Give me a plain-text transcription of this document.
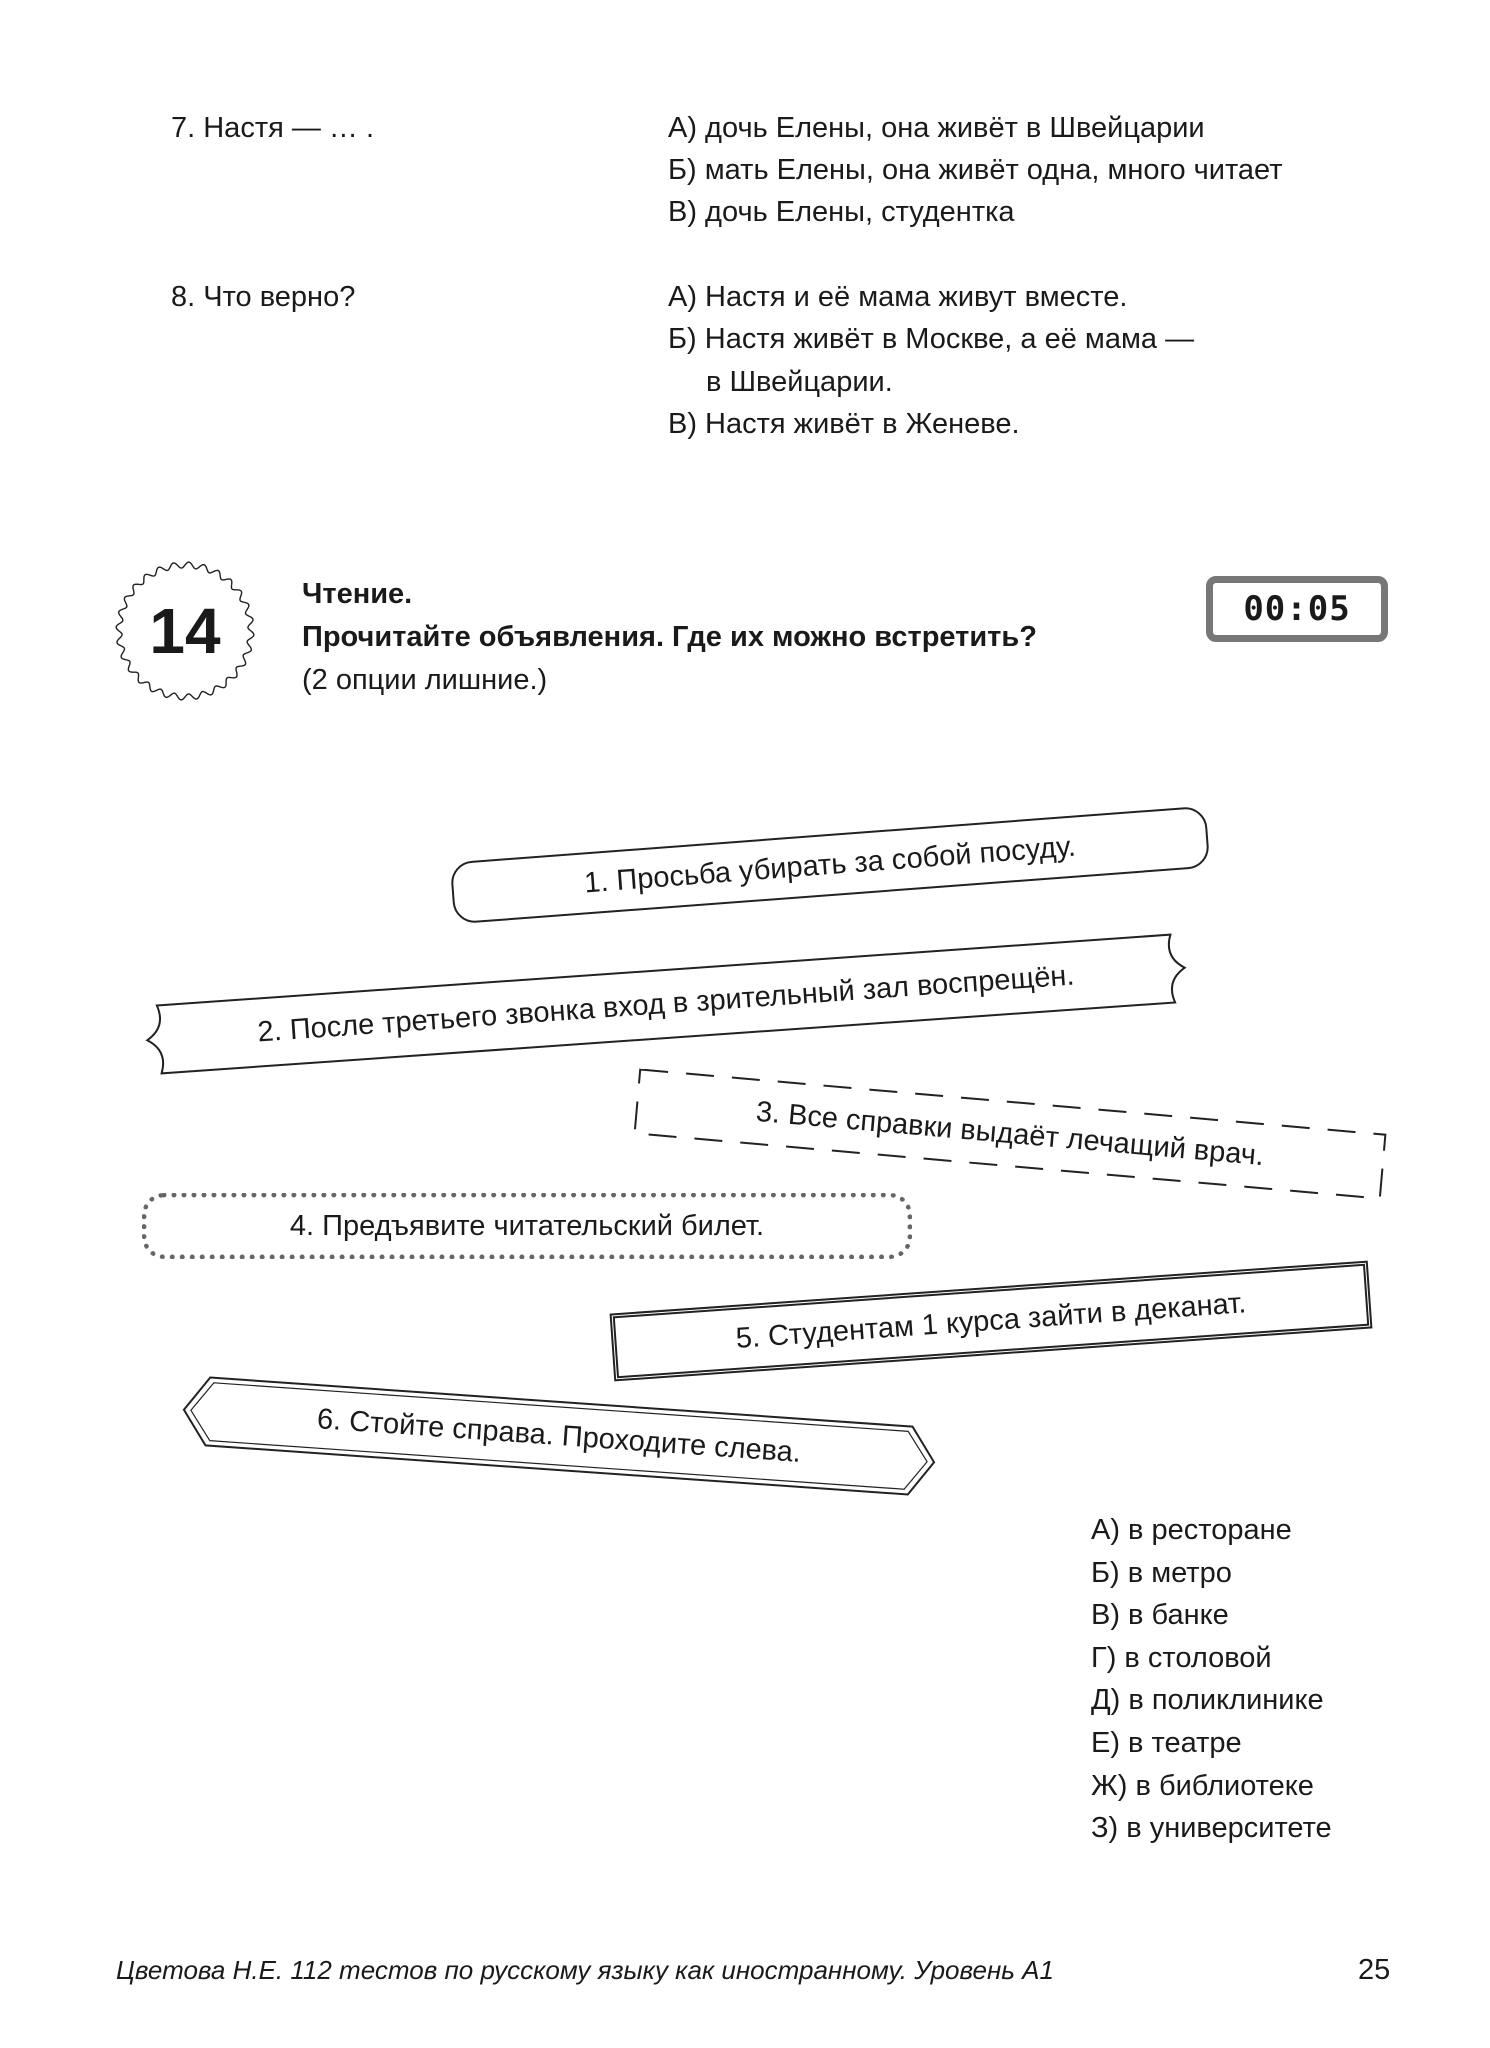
7. Настя — … .	А) дочь Елены, она живёт в Швейцарии
Б) мать Елены, она живёт одна, много читает
В) дочь Елены, студентка
8. Что верно?	А) Настя и её мама живут вместе.
Б) Настя живёт в Москве, а её мама —
в Швейцарии.
В) Настя живёт в Женеве.
14
Чтение.
Прочитайте объявления. Где их можно встретить?
(2 опции лишние.)
00:05
1. Просьба убирать за собой посуду.
2. После третьего звонка вход в зрительный зал воспрещён.
3. Все справки выдаёт лечащий врач.
4. Предъявите читательский билет.
5. Студентам 1 курса зайти в деканат.
6. Стойте справа. Проходите слева.
А) в ресторане
Б) в метро
В) в банке
Г) в столовой
Д) в поликлинике
Е) в театре
Ж) в библиотеке
З) в университете
Цветова Н.Е. 112 тестов по русскому языку как иностранному. Уровень А1	25
